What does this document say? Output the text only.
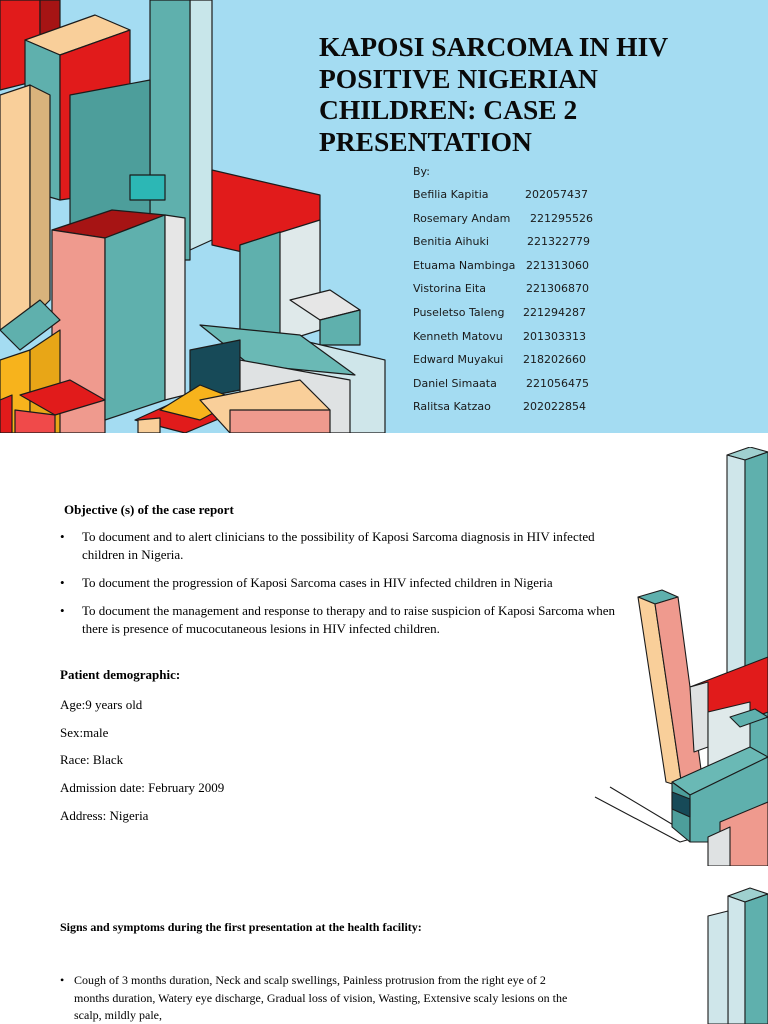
KAPOSI SARCOMA IN HIV
POSITIVE NIGERIAN
CHILDREN: CASE 2
PRESENTATION
By:
Befilia Kapitia	202057437
Rosemary Andam 221295526
Benitia Aihuki	221322779
Etuama Nambinga 221313060
Vistorina Eita	221306870
Puseletso Taleng 221294287
Kenneth Matovu 201303313
Edward Muyakui 218202660
Daniel Simaata	221056475
Ralitsa Katzao	202022854
Objective (s) of the case report
• To document and to alert clinicians to the possibility of Kaposi Sarcoma diagnosis in HIV infected children in Nigeria.
• To document the progression of Kaposi Sarcoma cases in HIV infected children in Nigeria
• To document the management and response to therapy and to raise suspicion of Kaposi Sarcoma when there is presence of mucocutaneous lesions in HIV infected children.
Patient demographic:
Age:9 years old
Sex:male
Race: Black
Admission date: February 2009
Address: Nigeria
Signs and symptoms during the first presentation at the health facility:
• Cough of 3 months duration, Neck and scalp swellings, Painless protrusion from the right eye of 2 months duration, Watery eye discharge, Gradual loss of vision, Wasting, Extensive scaly lesions on the scalp, mildly pale,
